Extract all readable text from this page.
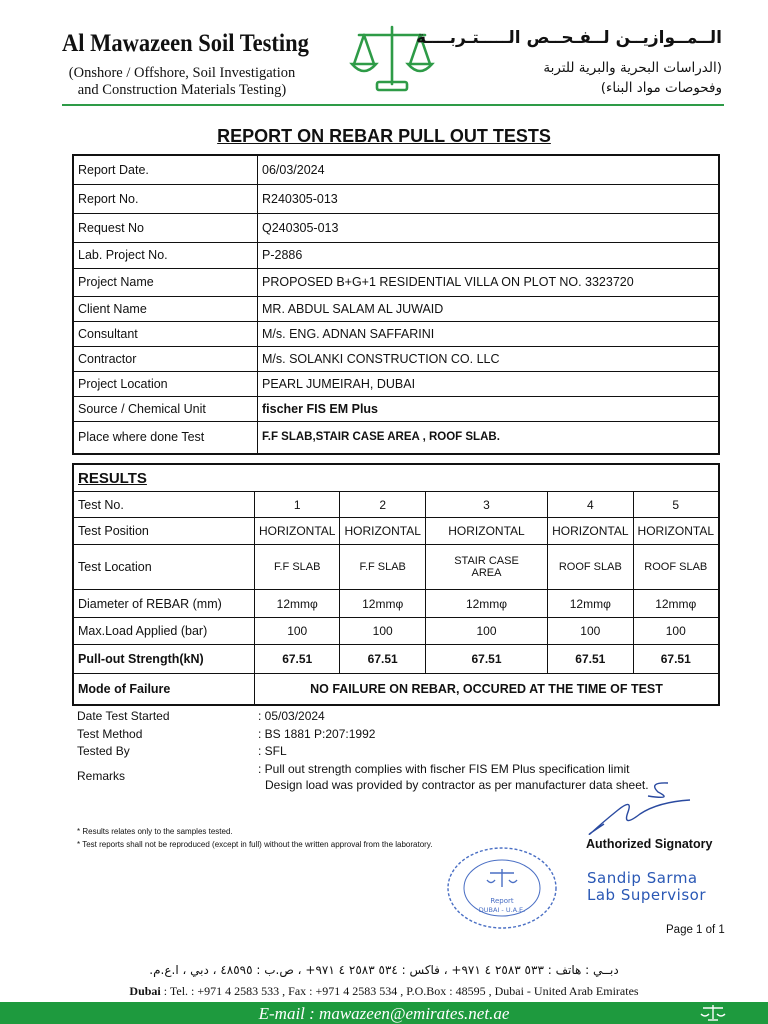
Al Mawazeen Soil Testing
(Onshore / Offshore, Soil Investigation
and Construction Materials Testing)
الــمــوازيــن لــفـحــص الـــــتـربــــة
(الدراسات البحرية والبرية للتربة
وفحوصات مواد البناء)
REPORT ON REBAR PULL OUT TESTS
Report Date.	06/03/2024
Report No.	R240305-013
Request No	Q240305-013
Lab. Project No.	P-2886
Project Name	PROPOSED B+G+1 RESIDENTIAL VILLA ON PLOT NO. 3323720
Client Name	MR. ABDUL SALAM AL JUWAID
Consultant	M/s. ENG. ADNAN SAFFARINI
Contractor	M/s. SOLANKI CONSTRUCTION CO. LLC
Project Location	PEARL JUMEIRAH, DUBAI
Source / Chemical Unit	fischer FIS EM Plus
Place where done Test	F.F SLAB,STAIR CASE AREA , ROOF SLAB.
RESULTS					
Test No.	1	2	3	4	5
Test Position	HORIZONTAL	HORIZONTAL	HORIZONTAL	HORIZONTAL	HORIZONTAL
Test Location	F.F SLAB	F.F SLAB	STAIR CASE AREA	ROOF SLAB	ROOF SLAB
Diameter of REBAR (mm)	12mmφ	12mmφ	12mmφ	12mmφ	12mmφ
Max.Load Applied (bar)	100	100	100	100	100
Pull-out Strength(kN)	67.51	67.51	67.51	67.51	67.51
Mode of Failure	NO FAILURE ON REBAR, OCCURED AT THE TIME OF TEST				
Date Test Started	: 05/03/2024
Test Method	: BS 1881 P:207:1992
Tested By	: SFL
Remarks	: Pull out strength complies with fischer FIS EM Plus specification limit
Design load was provided by contractor as per manufacturer data sheet.
* Results relates only to the samples tested.
* Test reports shall not be reproduced (except in full) without the written approval from the laboratory.	Authorized Signatory
Report
DUBAI - U.A.E.
Sandip Sarma
Lab Supervisor
Page 1 of 1
دبــي : هاتف : ٥٣٣ ٢٥٨٣ ٤ ٩٧١+ ، فاكس : ٥٣٤ ٢٥٨٣ ٤ ٩٧١+ ، ص.ب : ٤٨٥٩٥ ، دبي ، ا.ع.م.
Dubai : Tel. : +971 4 2583 533 , Fax : +971 4 2583 534 , P.O.Box : 48595 , Dubai - United Arab Emirates
E-mail : mawazeen@emirates.net.ae
